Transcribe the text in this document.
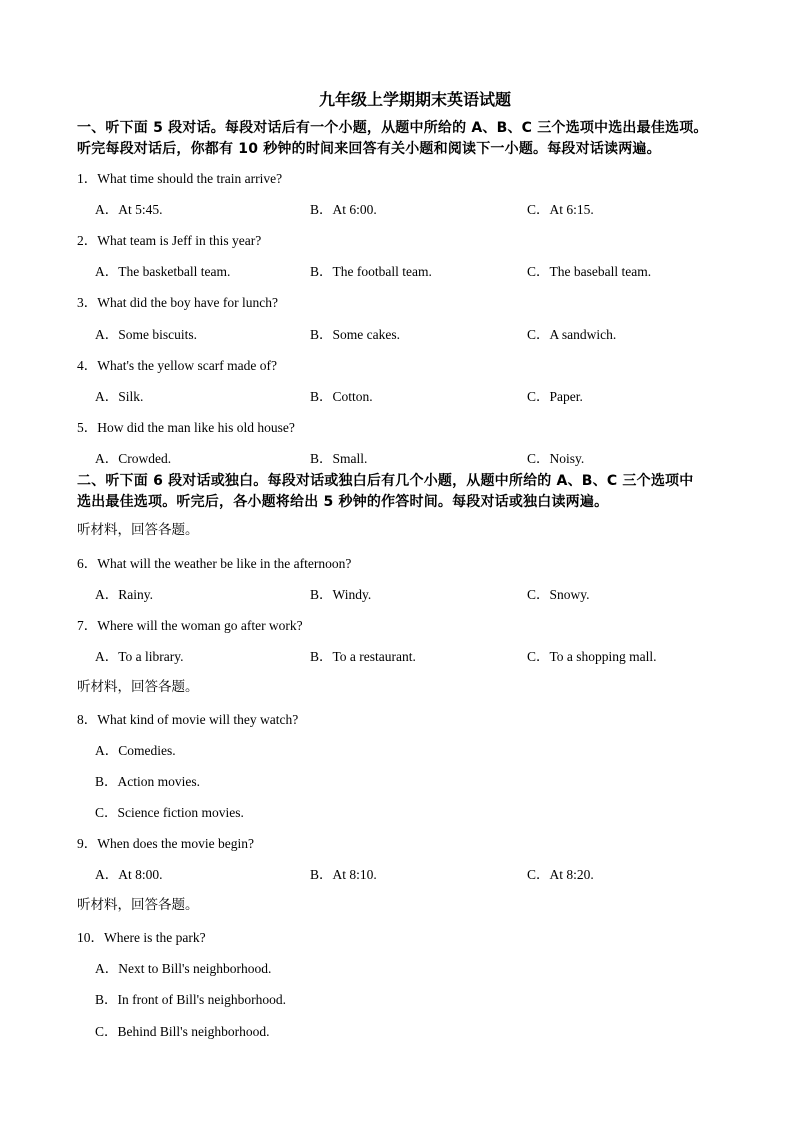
九年级上学期期末英语试题
一、听下面 5 段对话。每段对话后有一个小题，从题中所给的 A、B、C 三个选项中选出最佳选项。
听完每段对话后，你都有 10 秒钟的时间来回答有关小题和阅读下一小题。每段对话读两遍。
1．What time should the train arrive?
A．At 5:45.	B．At 6:00.	C．At 6:15.
2．What team is Jeff in this year?
A．The basketball team.	B．The football team.	C．The baseball team.
3．What did the boy have for lunch?
A．Some biscuits.	B．Some cakes.	C．A sandwich.
4．What's the yellow scarf made of?
A．Silk.	B．Cotton.	C．Paper.
5．How did the man like his old house?
A．Crowded.	B．Small.	C．Noisy.
二、听下面 6 段对话或独白。每段对话或独白后有几个小题，从题中所给的 A、B、C 三个选项中
选出最佳选项。听完后，各小题将给出 5 秒钟的作答时间。每段对话或独白读两遍。
听材料，回答各题。
6．What will the weather be like in the afternoon?
A．Rainy.	B．Windy.	C．Snowy.
7．Where will the woman go after work?
A．To a library.	B．To a restaurant.	C．To a shopping mall.
听材料，回答各题。
8．What kind of movie will they watch?
A．Comedies.
B．Action movies.
C．Science fiction movies.
9．When does the movie begin?
A．At 8:00.	B．At 8:10.	C．At 8:20.
听材料，回答各题。
10．Where is the park?
A．Next to Bill's neighborhood.
B．In front of Bill's neighborhood.
C．Behind Bill's neighborhood.
